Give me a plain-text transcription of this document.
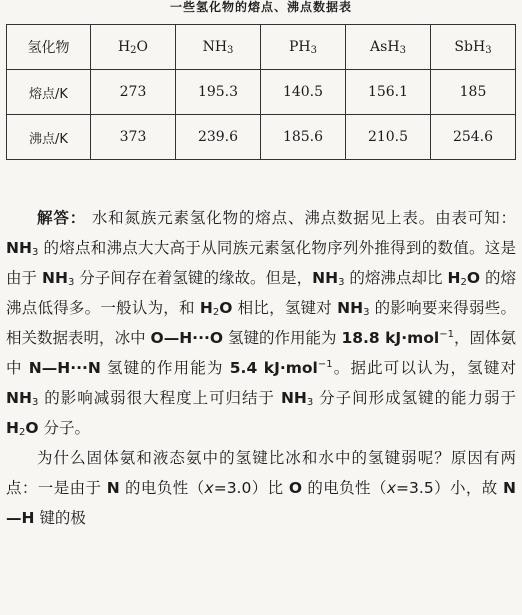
一些氢化物的熔点、沸点数据表
氢化物	$H_2O$	$NH_3$	$PH_3$	AsH$_3$	SbH$_3$
熔点/K	273	195.3	140.5	156.1	185
沸点/K	373	239.6	185.6	210.5	254.6

解答： 水和氮族元素氢化物的熔点、沸点数据见上表。由表可知：$NH_3$ 的熔点和沸点大大高于从同族元素氢化物序列外推得到的数值。这是由于 $NH_3$ 分子间存在着氢键的缘故。但是，$NH_3$ 的熔沸点却比 $H_2O$ 的熔沸点低得多。一般认为，和 $H_2O$ 相比，氢键对 $NH_3$ 的影响要来得弱些。相关数据表明，冰中 O—H···O 氢键的作用能为 18.8 kJ·mol$^{-1}$，固体氨中 N—H···N 氢键的作用能为 5.4 kJ·mol$^{-1}$。据此可以认为，氢键对 $NH_3$ 的影响减弱很大程度上可归结于 $NH_3$ 分子间形成氢键的能力弱于 $H_2O$ 分子。

为什么固体氨和液态氨中的氢键比冰和水中的氢键弱呢？原因有两点：一是由于 N 的电负性（x=3.0）比 O 的电负性（x=3.5）小，故 N—H 键的极
